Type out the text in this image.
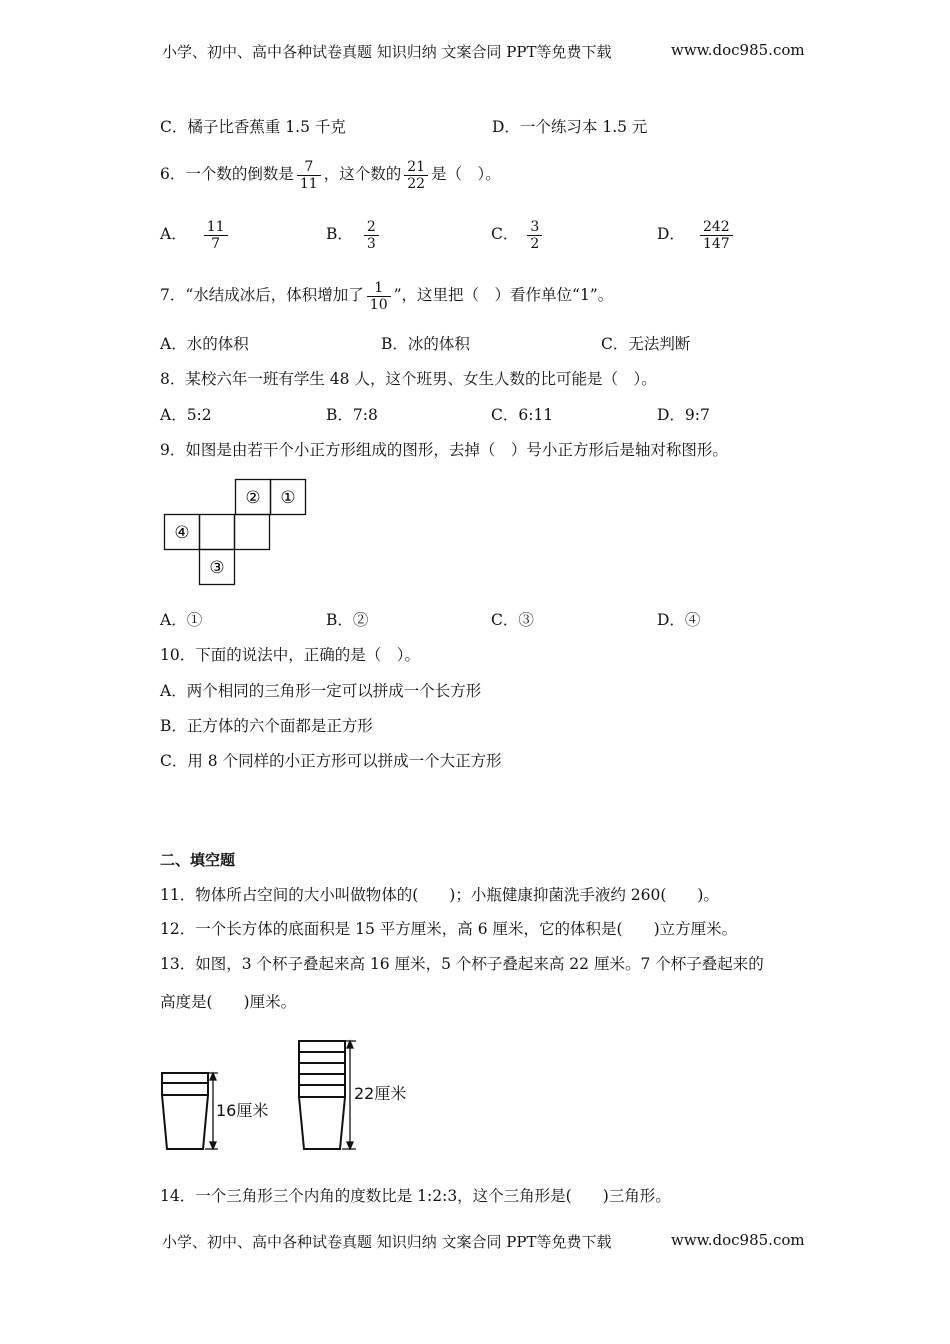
小学、初中、高中各种试卷真题 知识归纳 文案合同 PPT等免费下载	www.doc985.com
C．橘子比香蕉重 1.5 千克	D．一个练习本 1.5 元
6．一个数的倒数是 $\frac{7}{11}$ ，这个数的 $\frac{21}{22}$ 是（　）。
A． $\frac{11}{7}$	B． $\frac{2}{3}$	C． $\frac{3}{2}$	D． $\frac{242}{147}$
7．“水结成冰后，体积增加了 $\frac{1}{10}$ ”，这里把（　）看作单位“1”。
A．水的体积	B．冰的体积	C．无法判断
8．某校六年一班有学生 48 人，这个班男、女生人数的比可能是（　）。
A．5:2	B．7:8	C．6:11	D．9:7
9．如图是由若干个小正方形组成的图形，去掉（　）号小正方形后是轴对称图形。
② ①
④
③
A．①	B．②	C．③	D．④
10．下面的说法中，正确的是（　）。
A．两个相同的三角形一定可以拼成一个长方形
B．正方体的六个面都是正方形
C．用 8 个同样的小正方形可以拼成一个大正方形
二、填空题
11．物体所占空间的大小叫做物体的(　　)；小瓶健康抑菌洗手液约 260(　　)。
12．一个长方体的底面积是 15 平方厘米，高 6 厘米，它的体积是(　　)立方厘米。
13．如图，3 个杯子叠起来高 16 厘米，5 个杯子叠起来高 22 厘米。7 个杯子叠起来的
高度是(　　)厘米。
16厘米
22厘米
14．一个三角形三个内角的度数比是 1:2:3，这个三角形是(　　)三角形。
小学、初中、高中各种试卷真题 知识归纳 文案合同 PPT等免费下载	www.doc985.com
